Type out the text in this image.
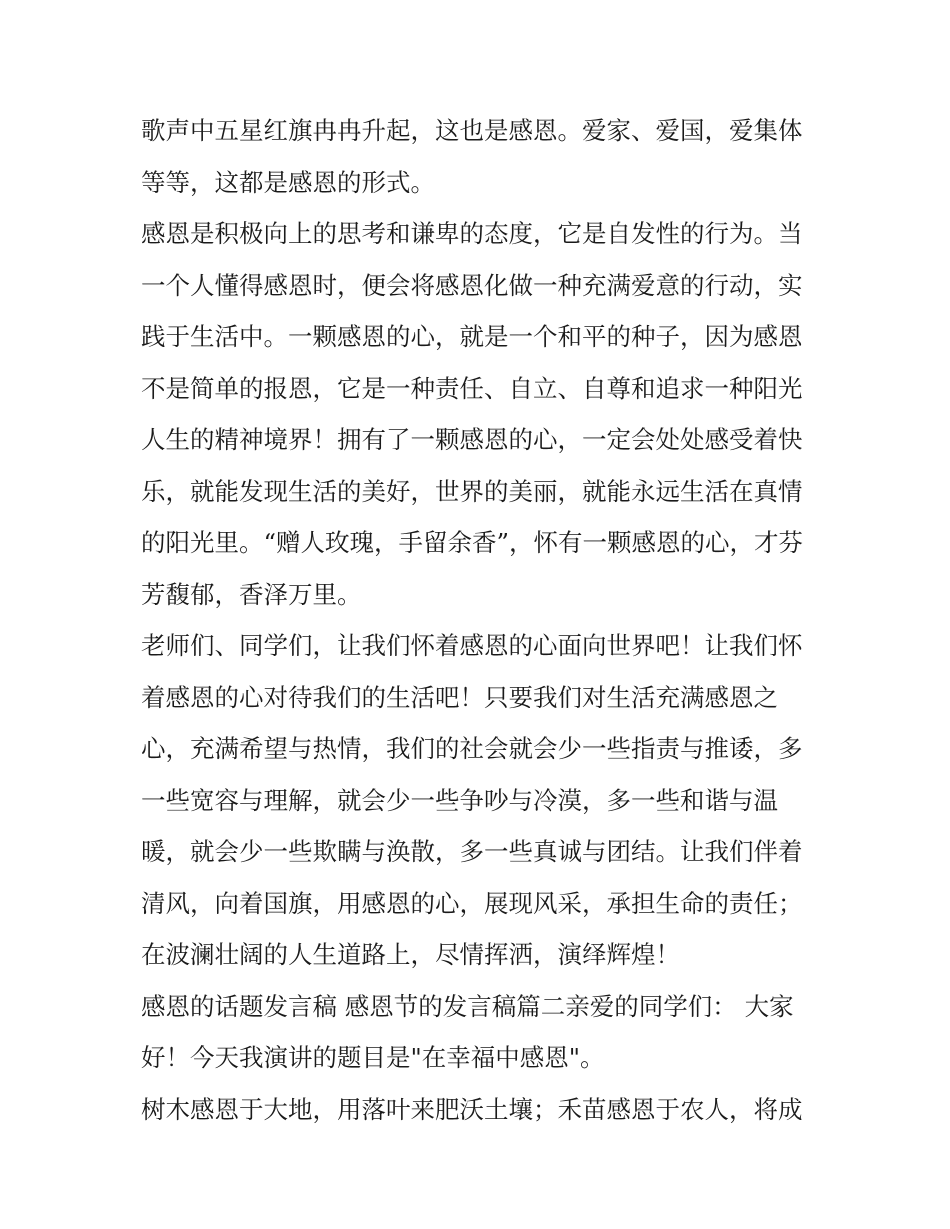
歌声中五星红旗冉冉升起，这也是感恩。爱家、爱国，爱集体
等等，这都是感恩的形式。
感恩是积极向上的思考和谦卑的态度，它是自发性的行为。当
一个人懂得感恩时，便会将感恩化做一种充满爱意的行动，实
践于生活中。一颗感恩的心，就是一个和平的种子，因为感恩
不是简单的报恩，它是一种责任、自立、自尊和追求一种阳光
人生的精神境界！拥有了一颗感恩的心，一定会处处感受着快
乐，就能发现生活的美好，世界的美丽，就能永远生活在真情
的阳光里。“赠人玫瑰，手留余香”，怀有一颗感恩的心，才芬
芳馥郁，香泽万里。
老师们、同学们，让我们怀着感恩的心面向世界吧！让我们怀
着感恩的心对待我们的生活吧！只要我们对生活充满感恩之
心，充满希望与热情，我们的社会就会少一些指责与推诿，多
一些宽容与理解，就会少一些争吵与冷漠，多一些和谐与温
暖，就会少一些欺瞒与涣散，多一些真诚与团结。让我们伴着
清风，向着国旗，用感恩的心，展现风采，承担生命的责任；
在波澜壮阔的人生道路上，尽情挥洒，演绎辉煌！
感恩的话题发言稿 感恩节的发言稿篇二亲爱的同学们： 大家
好！今天我演讲的题目是"在幸福中感恩"。
树木感恩于大地，用落叶来肥沃土壤；禾苗感恩于农人，将成
